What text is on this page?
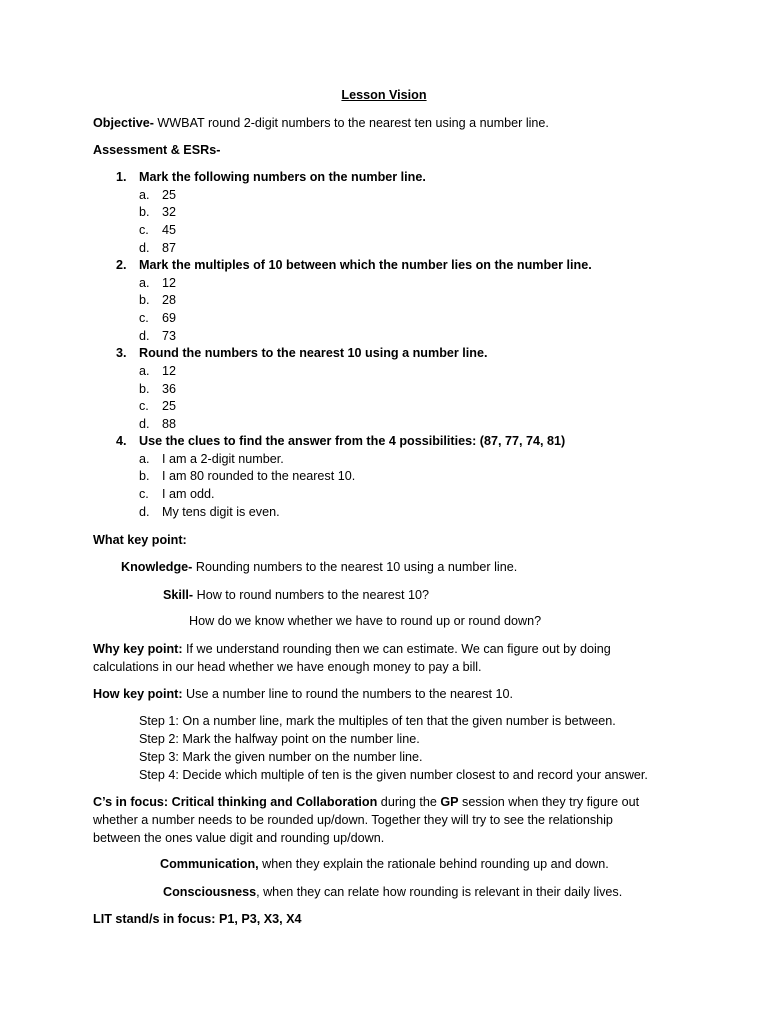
Lesson Vision
Objective- WWBAT round 2-digit numbers to the nearest ten using a number line.
Assessment & ESRs-
1. Mark the following numbers on the number line.
a. 25
b. 32
c. 45
d. 87
2. Mark the multiples of 10 between which the number lies on the number line.
a. 12
b. 28
c. 69
d. 73
3. Round the numbers to the nearest 10 using a number line.
a. 12
b. 36
c. 25
d. 88
4. Use the clues to find the answer from the 4 possibilities: (87, 77, 74, 81)
a. I am a 2-digit number.
b. I am 80 rounded to the nearest 10.
c. I am odd.
d. My tens digit is even.
What key point:
Knowledge- Rounding numbers to the nearest 10 using a number line.
Skill- How to round numbers to the nearest 10?
How do we know whether we have to round up or round down?
Why key point: If we understand rounding then we can estimate. We can figure out by doing
calculations in our head whether we have enough money to pay a bill.
How key point: Use a number line to round the numbers to the nearest 10.
Step 1: On a number line, mark the multiples of ten that the given number is between.
Step 2: Mark the halfway point on the number line.
Step 3: Mark the given number on the number line.
Step 4: Decide which multiple of ten is the given number closest to and record your answer.
C’s in focus: Critical thinking and Collaboration during the GP session when they try figure out
whether a number needs to be rounded up/down. Together they will try to see the relationship
between the ones value digit and rounding up/down.
Communication, when they explain the rationale behind rounding up and down.
Consciousness, when they can relate how rounding is relevant in their daily lives.
LIT stand/s in focus: P1, P3, X3, X4
